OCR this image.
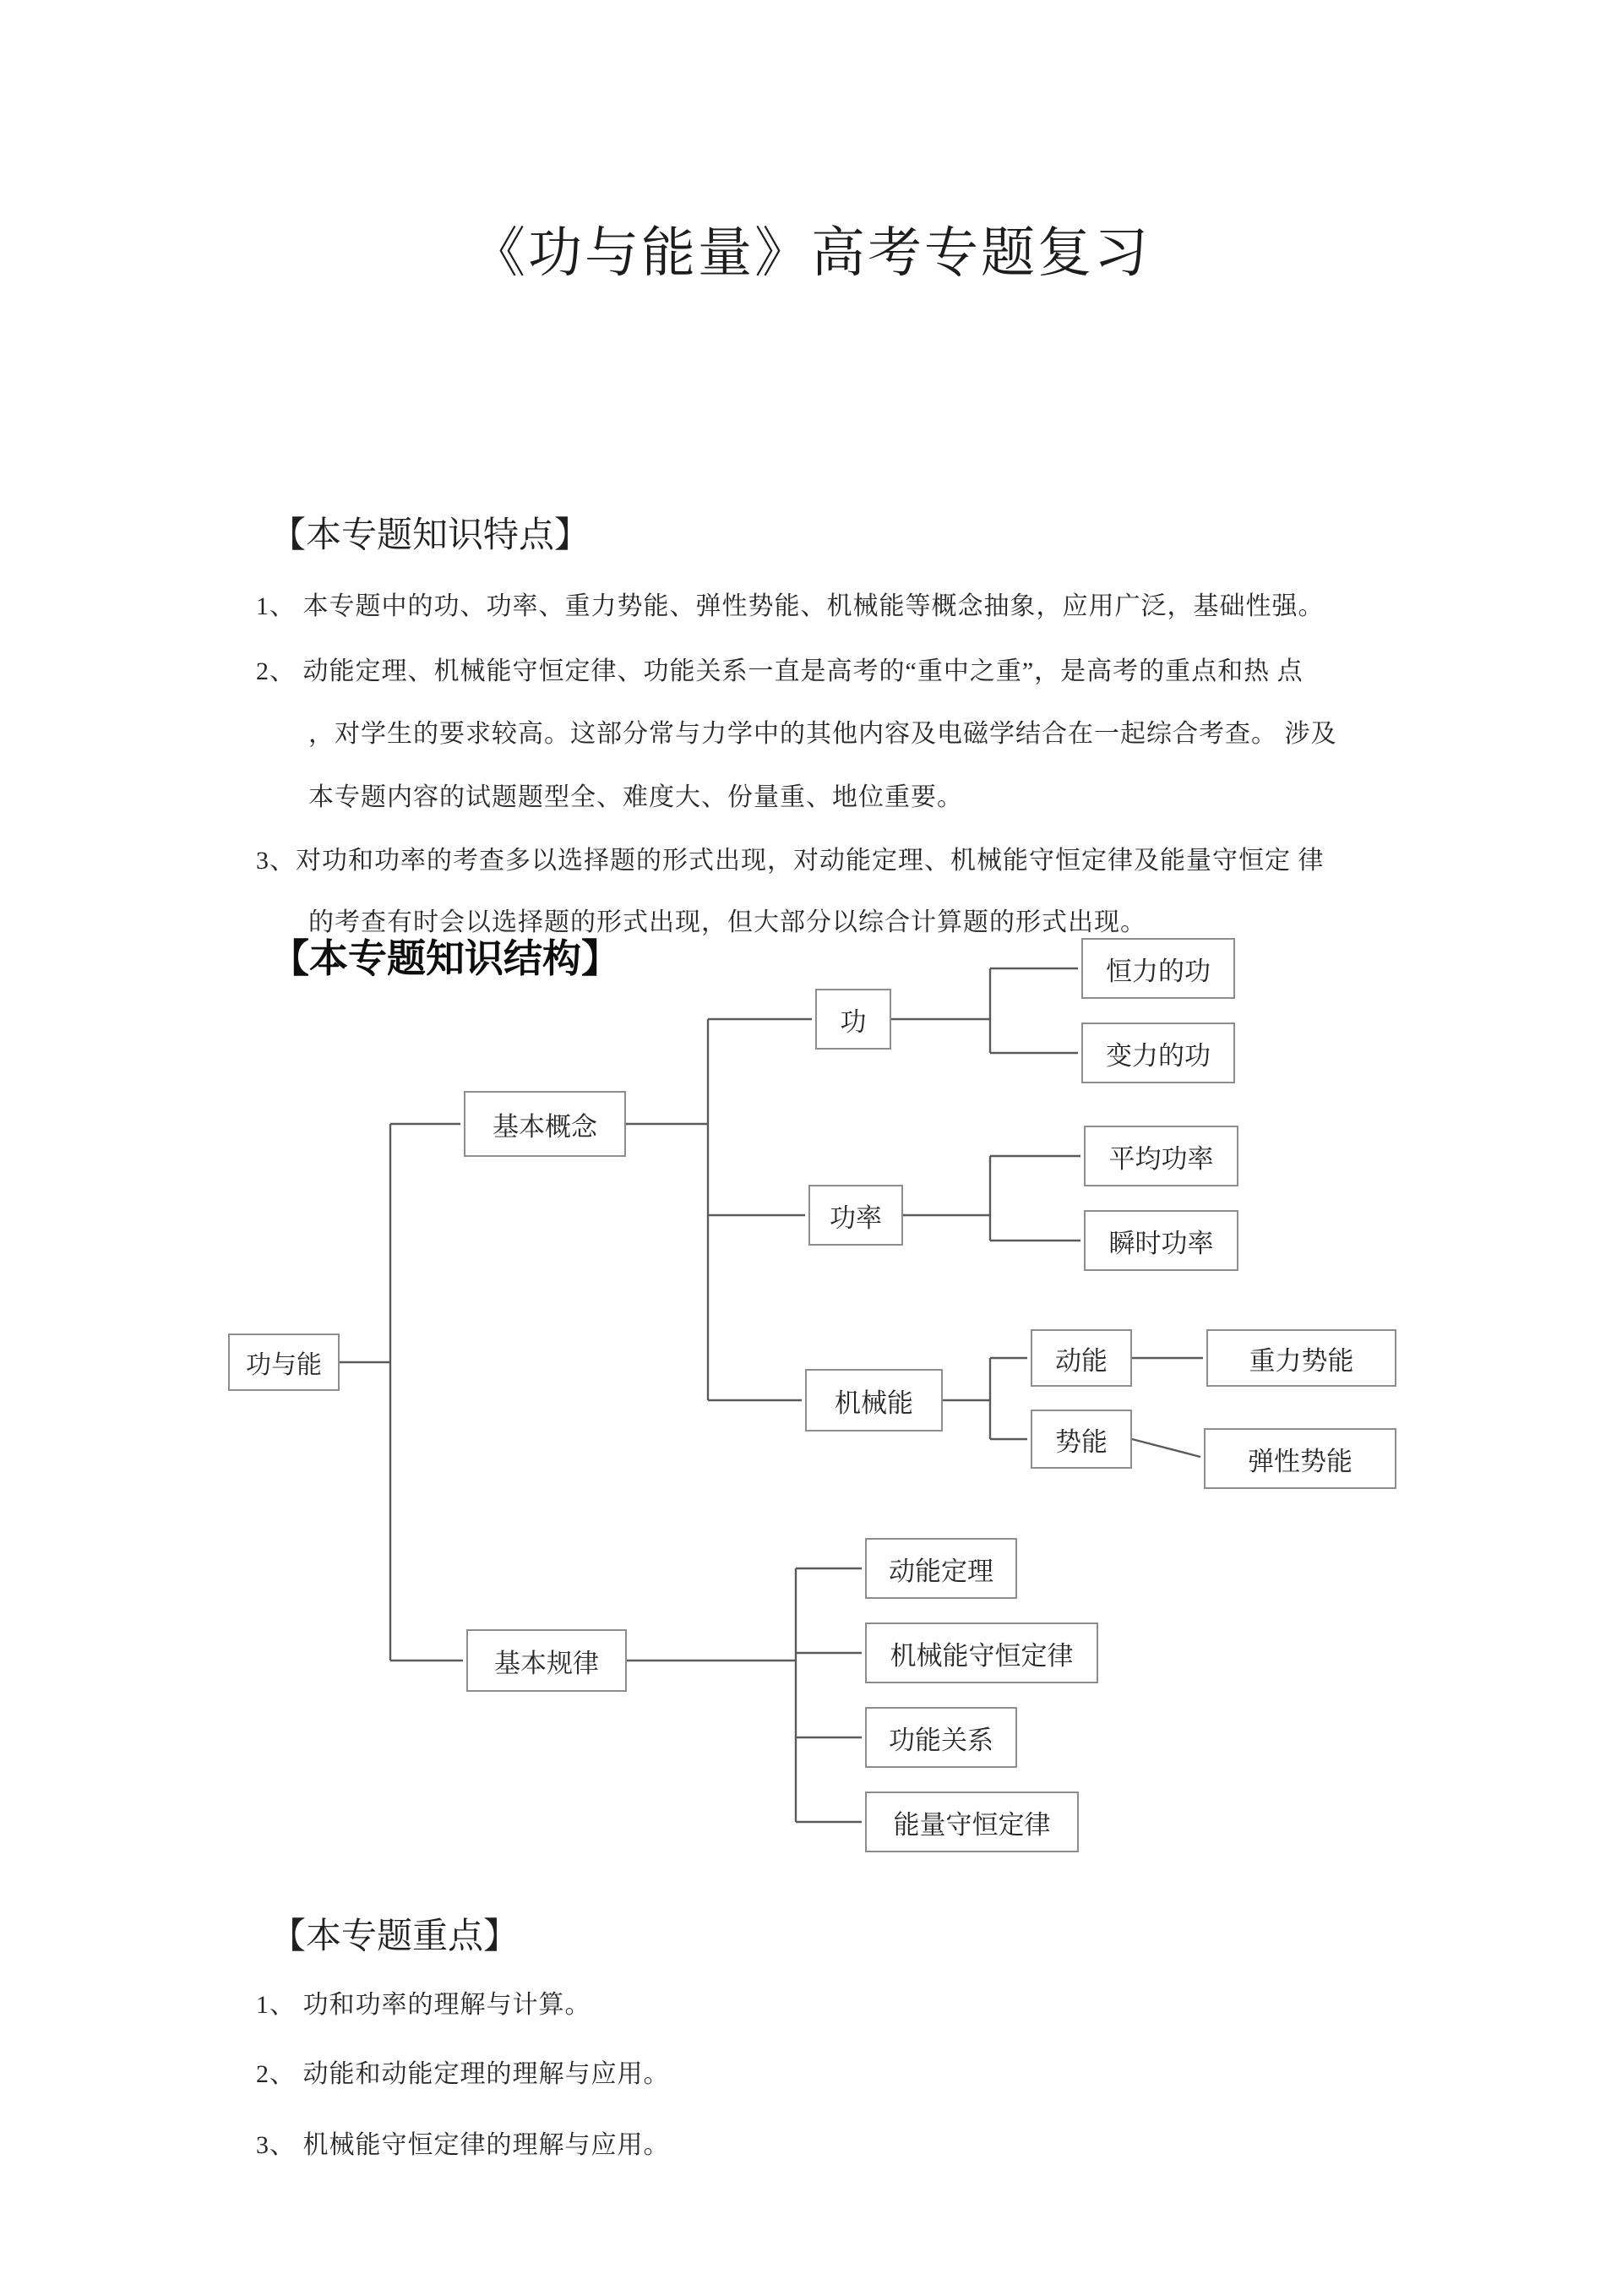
《功与能量》高考专题复习
【本专题知识特点】
1、 本专题中的功、功率、重力势能、弹性势能、机械能等概念抽象，应用广泛，基础性强。
2、 动能定理、机械能守恒定律、功能关系一直是高考的“重中之重”，是高考的重点和热 点
，对学生的要求较高。这部分常与力学中的其他内容及电磁学结合在一起综合考查。 涉及
本专题内容的试题题型全、难度大、份量重、地位重要。
3、对功和功率的考查多以选择题的形式出现，对动能定理、机械能守恒定律及能量守恒定 律
的考查有时会以选择题的形式出现，但大部分以综合计算题的形式出现。
【本专题知识结构】
功与能
基本概念
基本规律
功
功率
机械能
恒力的功
变力的功
平均功率
瞬时功率
动能
势能
重力势能
弹性势能
动能定理
机械能守恒定律
功能关系
能量守恒定律
【本专题重点】
1、 功和功率的理解与计算。
2、 动能和动能定理的理解与应用。
3、 机械能守恒定律的理解与应用。
